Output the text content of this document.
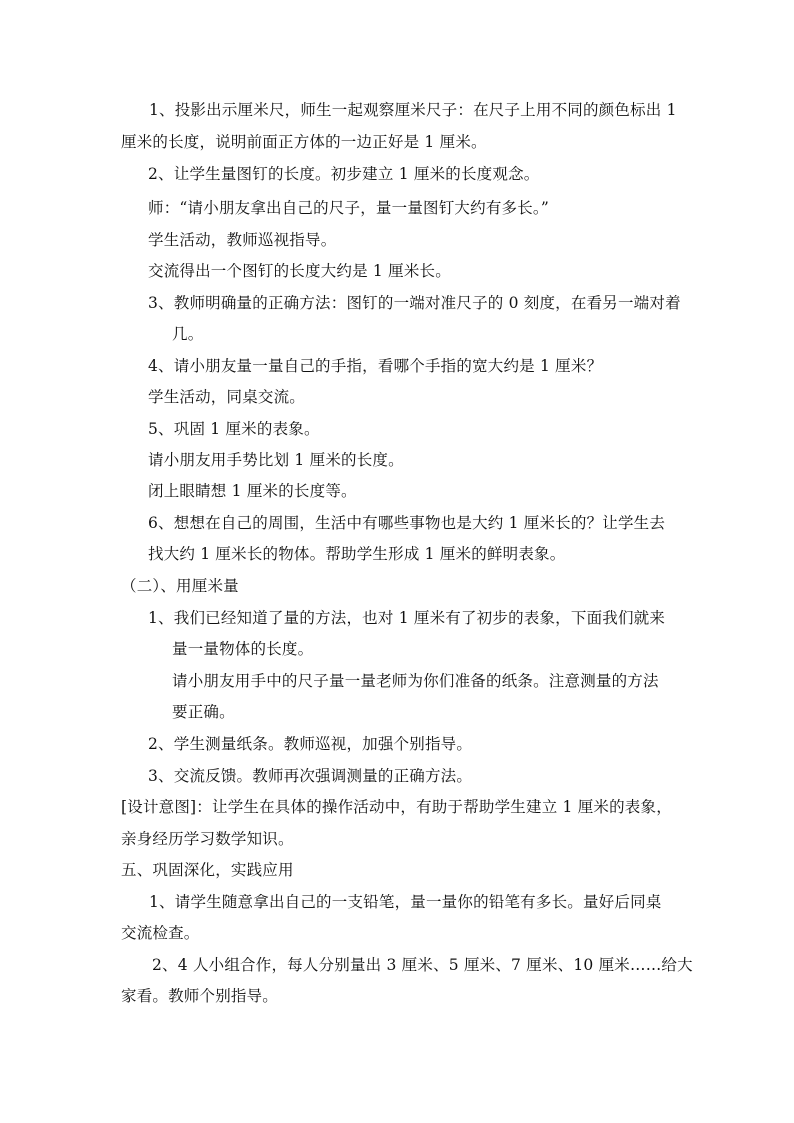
1、投影出示厘米尺，师生一起观察厘米尺子：在尺子上用不同的颜色标出 1
厘米的长度，说明前面正方体的一边正好是 1 厘米。
2、让学生量图钉的长度。初步建立 1 厘米的长度观念。
师：“请小朋友拿出自己的尺子，量一量图钉大约有多长。”
学生活动，教师巡视指导。
交流得出一个图钉的长度大约是 1 厘米长。
3、教师明确量的正确方法：图钉的一端对准尺子的 0 刻度，在看另一端对着
几。
4、请小朋友量一量自己的手指，看哪个手指的宽大约是 1 厘米？
学生活动，同桌交流。
5、巩固 1 厘米的表象。
请小朋友用手势比划 1 厘米的长度。
闭上眼睛想 1 厘米的长度等。
6、想想在自己的周围，生活中有哪些事物也是大约 1 厘米长的？让学生去
找大约 1 厘米长的物体。帮助学生形成 1 厘米的鲜明表象。
（二）、用厘米量
1、我们已经知道了量的方法，也对 1 厘米有了初步的表象，下面我们就来
量一量物体的长度。
请小朋友用手中的尺子量一量老师为你们准备的纸条。注意测量的方法
要正确。
2、学生测量纸条。教师巡视，加强个别指导。
3、交流反馈。教师再次强调测量的正确方法。
[设计意图]：让学生在具体的操作活动中，有助于帮助学生建立 1 厘米的表象，
亲身经历学习数学知识。
五、巩固深化，实践应用
1、请学生随意拿出自己的一支铅笔，量一量你的铅笔有多长。量好后同桌
交流检查。
2、4 人小组合作，每人分别量出 3 厘米、5 厘米、7 厘米、10 厘米……给大
家看。教师个别指导。
